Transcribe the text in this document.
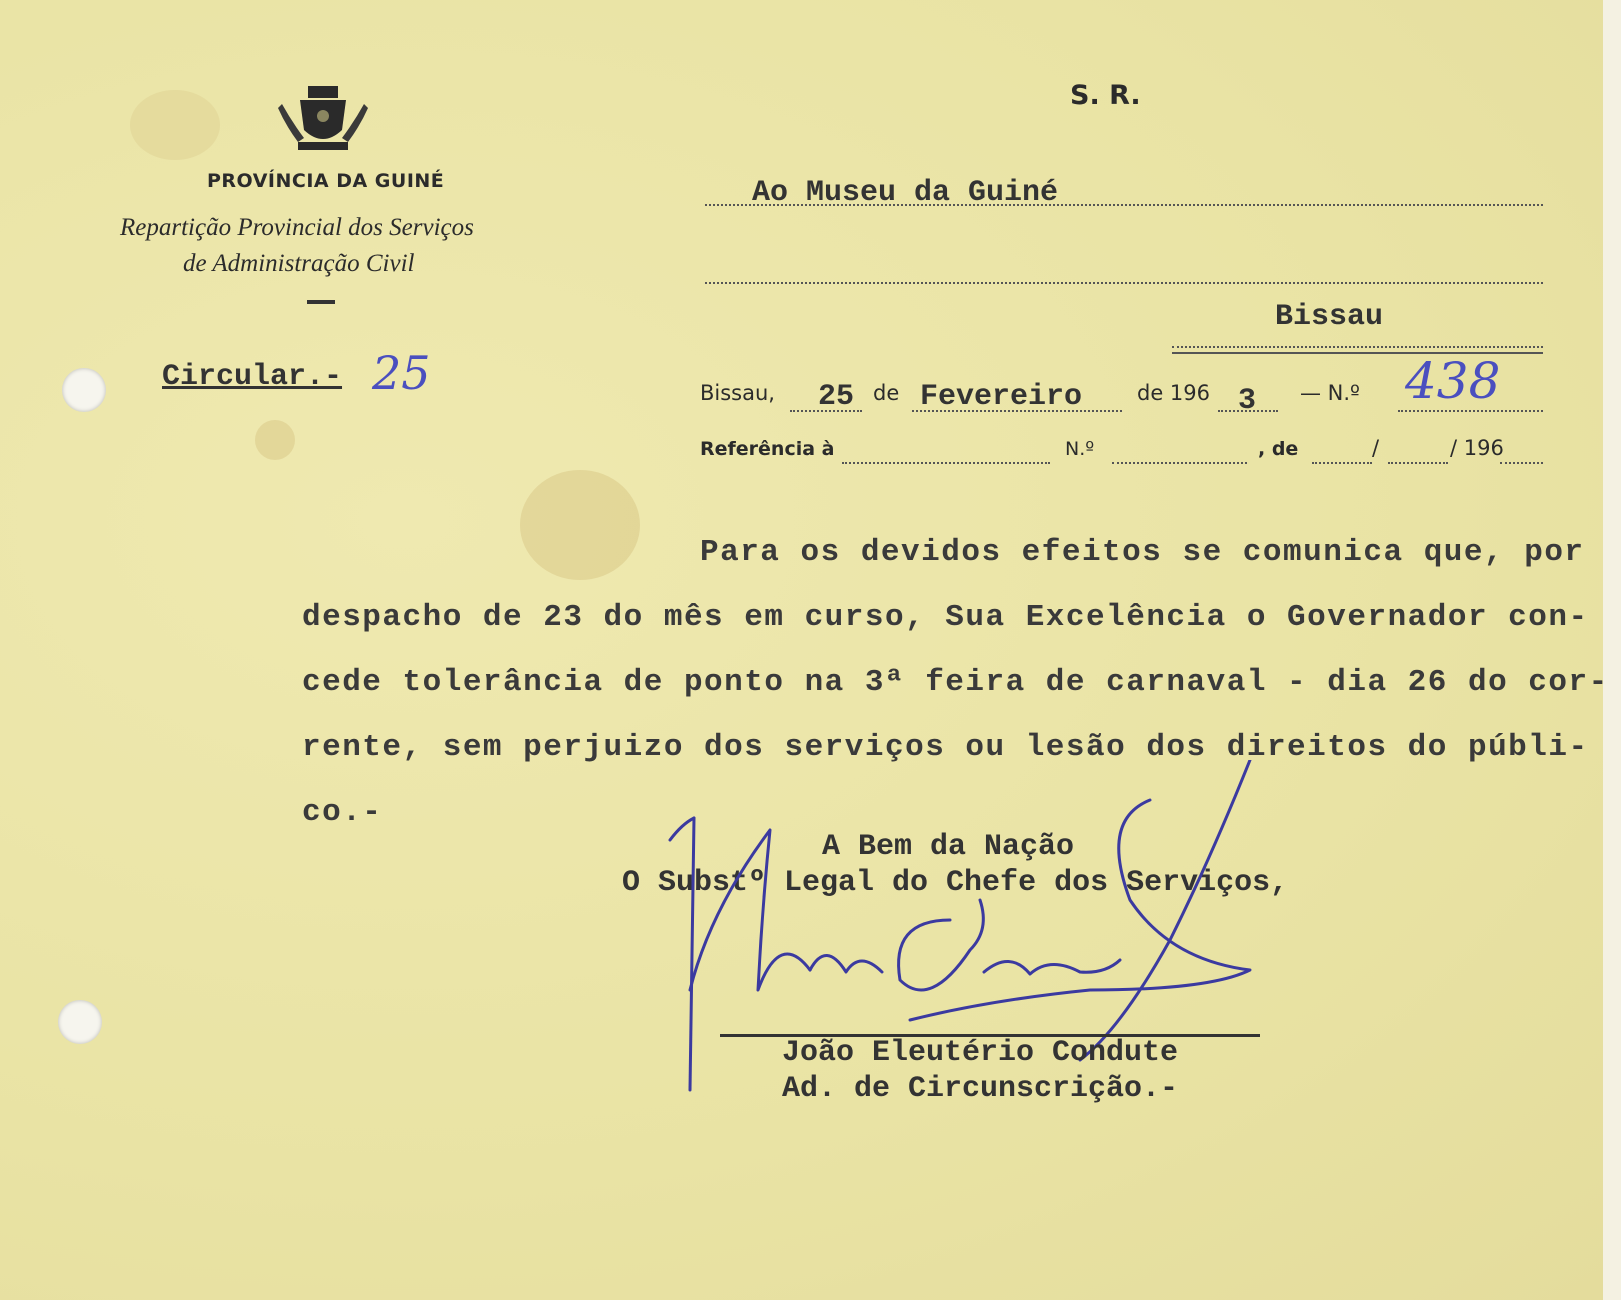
PROVÍNCIA DA GUINÉ
Repartição Provincial dos Serviços
de Administração Civil
Circular.- 25
S. R.
Ao Museu da Guiné
Bissau
Bissau, 25 de Fevereiro	de 196 3 — N.º 438
Referência à	N.º	, de	/	/ 196
Para os devidos efeitos se comunica que, por
despacho de 23 do mês em curso, Sua Excelência o Governador con-
cede tolerância de ponto na 3ª feira de carnaval - dia 26 do cor-
rente, sem perjuizo dos serviços ou lesão dos direitos do públi-
co.-
A Bem da Nação
O Substº Legal do Chefe dos Serviços,
João Eleutério Condute
Ad. de Circunscrição.-
